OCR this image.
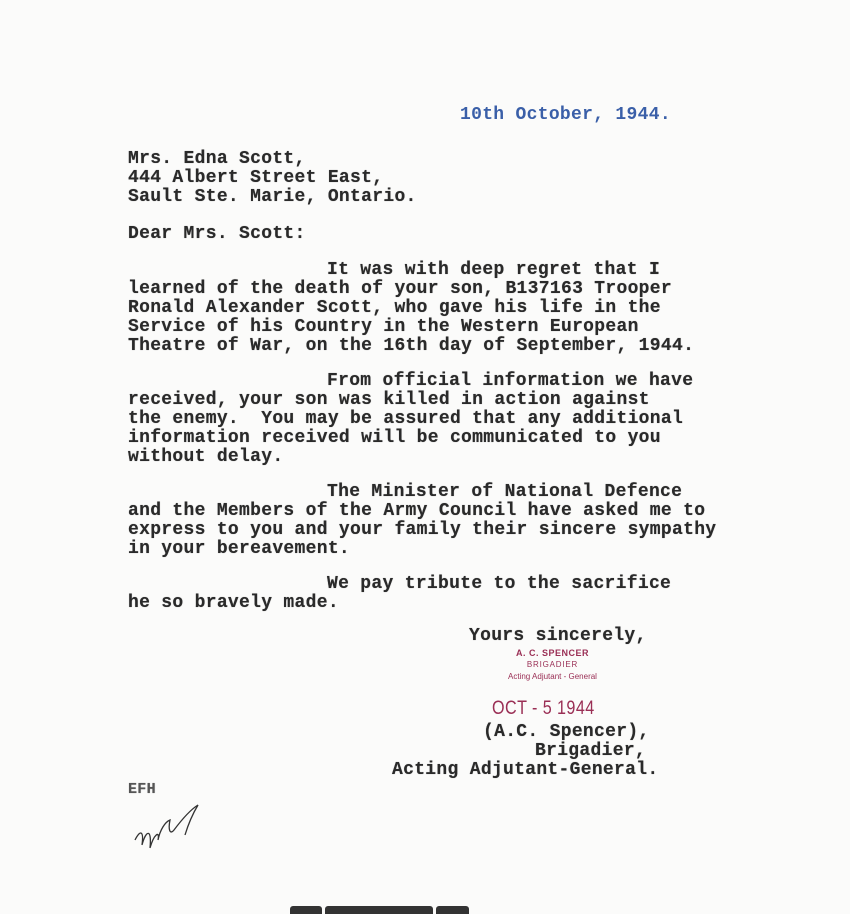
10th October, 1944.
Mrs. Edna Scott,
444 Albert Street East,
Sault Ste. Marie, Ontario.
Dear Mrs. Scott:
It was with deep regret that I
learned of the death of your son, B137163 Trooper
Ronald Alexander Scott, who gave his life in the
Service of his Country in the Western European
Theatre of War, on the 16th day of September, 1944.
From official information we have
received, your son was killed in action against
the enemy.  You may be assured that any additional
information received will be communicated to you
without delay.
The Minister of National Defence
and the Members of the Army Council have asked me to
express to you and your family their sincere sympathy
in your bereavement.
We pay tribute to the sacrifice
he so bravely made.
Yours sincerely,
A. C. SPENCER
BRIGADIER
Acting Adjutant - General
OCT - 5 1944
(A.C. Spencer),
Brigadier,
Acting Adjutant-General.
EFH
